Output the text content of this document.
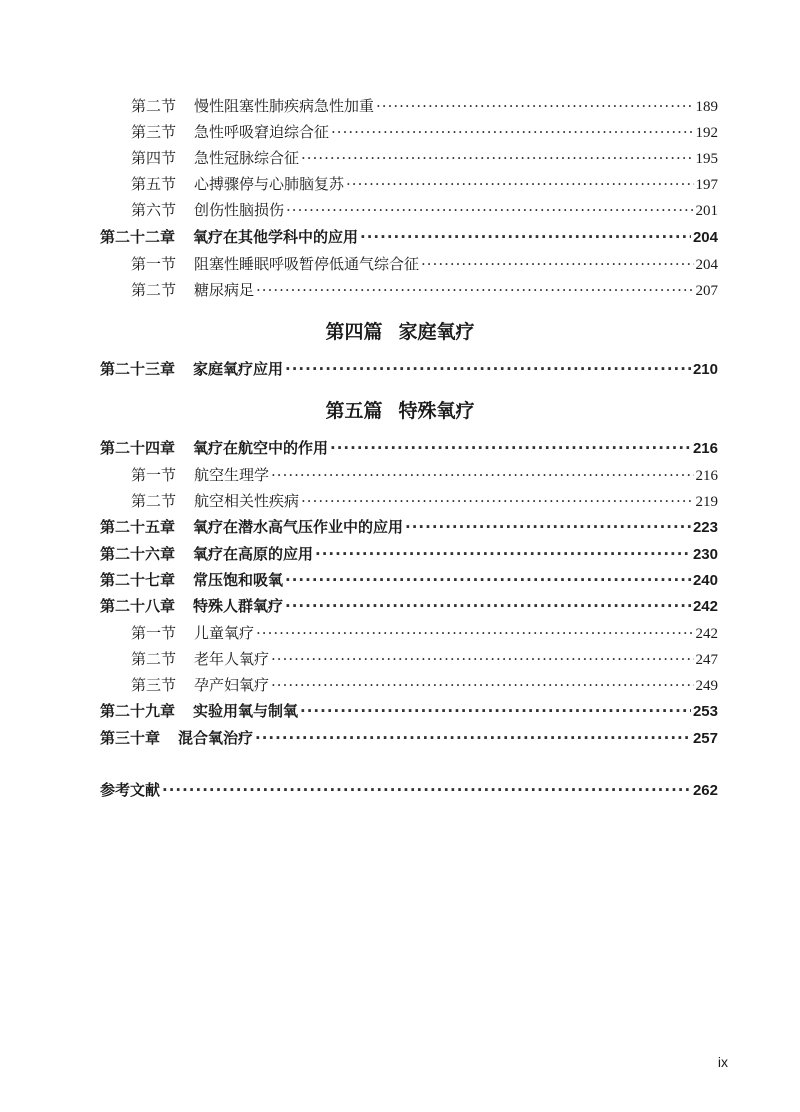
第二节 慢性阻塞性肺疾病急性加重 ·····	189
第三节 急性呼吸窘迫综合征 ·····	192
第四节 急性冠脉综合征 ·····	195
第五节 心搏骤停与心肺脑复苏 ·····	197
第六节 创伤性脑损伤 ·····	201
第二十二章 氧疗在其他学科中的应用 ·····	204
第一节 阻塞性睡眠呼吸暂停低通气综合征 ·····	204
第二节 糖尿病足 ·····	207
第四篇 家庭氧疗
第二十三章 家庭氧疗应用 ·····	210
第五篇 特殊氧疗
第二十四章 氧疗在航空中的作用 ·····	216
第一节 航空生理学 ·····	216
第二节 航空相关性疾病 ·····	219
第二十五章 氧疗在潜水高气压作业中的应用 ·····	223
第二十六章 氧疗在高原的应用 ·····	230
第二十七章 常压饱和吸氧 ·····	240
第二十八章 特殊人群氧疗 ·····	242
第一节 儿童氧疗 ·····	242
第二节 老年人氧疗 ·····	247
第三节 孕产妇氧疗 ·····	249
第二十九章 实验用氧与制氧 ·····	253
第三十章 混合氧治疗 ·····	257
参考文献 ·····	262
ix
